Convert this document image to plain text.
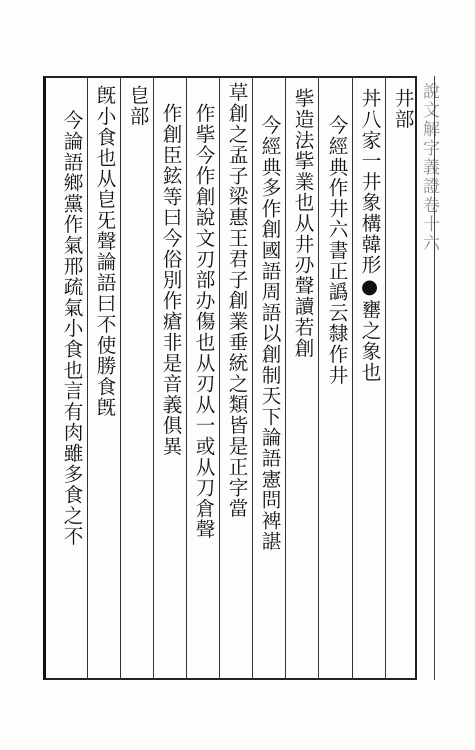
說文解字義證卷十六
井部
丼八家一井象構韓形●罋之象也
今經典作井六書正譌云隸作井
㧘造法㧘業也从井刅聲讀若創
今經典多作創國語周語以創制天下論語憲問裨諶
草創之孟子梁惠王君子創業垂統之類皆是正字當
作㧘今作創說文刃部办傷也从刃从一或从刀倉聲
作創臣鉉等曰今俗別作瘡非是音義俱異
皀部
旣小食也从皀旡聲論語曰不使勝食旣
今論語鄉黨作氣邢疏氣小食也言有肉雖多食之不
